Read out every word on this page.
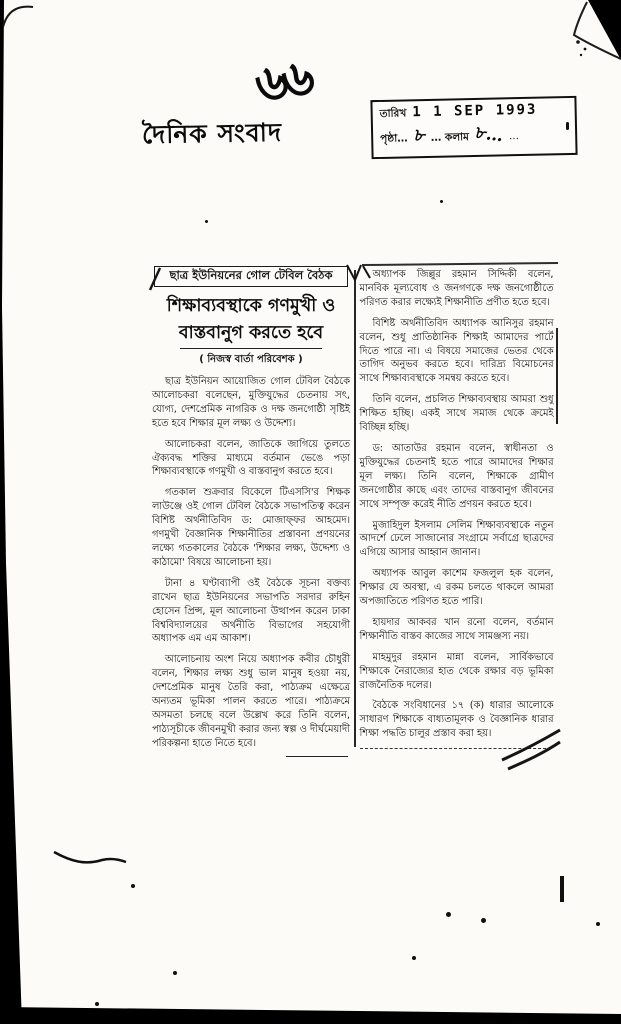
৬৬
দৈনিক সংবাদ
তারিখ 1 1 SEP 1993
পৃষ্ঠা… ৮ … কলাম ৮… …
ছাত্র ইউনিয়নের গোল টেবিল বৈঠক
শিক্ষাব্যবস্থাকে গণমুখী ও বাস্তবানুগ করতে হবে
( নিজস্ব বার্তা পরিবেশক )

ছাত্র ইউনিয়ন আয়োজিত গোল টেবিল বৈঠকে আলোচকরা বলেছেন, মুক্তিযুদ্ধের চেতনায় সৎ, যোগ্য, দেশপ্রেমিক নাগরিক ও দক্ষ জনগোষ্ঠী সৃষ্টিই হতে হবে শিক্ষার মূল লক্ষ্য ও উদ্দেশ্য।

আলোচকরা বলেন, জাতিকে জাগিয়ে তুলতে ঐক্যবদ্ধ শক্তির মাধ্যমে বর্তমান ভেঙে পড়া শিক্ষাব্যবস্থাকে গণমুখী ও বাস্তবানুগ করতে হবে।

গতকাল শুক্রবার বিকেলে টিএসসি'র শিক্ষক লাউঞ্জে ওই গোল টেবিল বৈঠকে সভাপতিত্ব করেন বিশিষ্ট অর্থনীতিবিদ ড: মোজাফ্ফর আহমেদ। গণমুখী বৈজ্ঞানিক শিক্ষানীতির প্রস্তাবনা প্রণয়নের লক্ষ্যে গতকালের বৈঠকে 'শিক্ষার লক্ষ্য, উদ্দেশ্য ও কাঠামো' বিষয়ে আলোচনা হয়।

টানা ৪ ঘণ্টাব্যাপী ওই বৈঠকে সূচনা বক্তব্য রাখেন ছাত্র ইউনিয়নের সভাপতি সরদার রুহিন হোসেন প্রিন্স, মূল আলোচনা উত্থাপন করেন ঢাকা বিশ্ববিদ্যালয়ের অর্থনীতি বিভাগের সহযোগী অধ্যাপক এম এম আকাশ।

আলোচনায় অংশ নিয়ে অধ্যাপক কবীর চৌধুরী বলেন, শিক্ষার লক্ষ্য শুধু ভাল মানুষ হওয়া নয়, দেশপ্রেমিক মানুষ তৈরি করা, পাঠ্যক্রম এক্ষেত্রে অন্যতম ভূমিকা পালন করতে পারে। পাঠ্যক্রমে অসমতা চলছে বলে উল্লেখ করে তিনি বলেন, পাঠ্যসূচীকে জীবনমুখী করার জন্য স্বল্প ও দীর্ঘমেয়াদী পরিকল্পনা হাতে নিতে হবে।

অধ্যাপক জিল্লুর রহমান সিদ্দিকী বলেন, মানবিক মূল্যবোধ ও জনগণকে দক্ষ জনগোষ্ঠীতে পরিণত করার লক্ষ্যেই শিক্ষানীতি প্রণীত হতে হবে।

বিশিষ্ট অর্থনীতিবিদ অধ্যাপক আনিসুর রহমান বলেন, শুধু প্রাতিষ্ঠানিক শিক্ষাই আমাদের পার্টে দিতে পারে না। এ বিষয়ে সমাজের ভেতর থেকে তাগিদ অনুভব করতে হবে। দারিদ্র্য বিমোচনের সাথে শিক্ষাব্যবস্থাকে সমন্বয় করতে হবে।

তিনি বলেন, প্রচলিত শিক্ষাব্যবস্থায় আমরা শুধু শিক্ষিত হচ্ছি। একই সাথে সমাজ থেকে ক্রমেই বিচ্ছিন্ন হচ্ছি।

ড: আতাউর রহমান বলেন, স্বাধীনতা ও মুক্তিযুদ্ধের চেতনাই হতে পারে আমাদের শিক্ষার মূল লক্ষ্য। তিনি বলেন, শিক্ষাকে গ্রামীণ জনগোষ্ঠীর কাছে এবং তাদের বাস্তবানুগ জীবনের সাথে সম্পৃক্ত করেই নীতি প্রণয়ন করতে হবে।

মুজাহিদুল ইসলাম সেলিম শিক্ষাব্যবস্থাকে নতুন আদর্শে ঢেলে সাজানোর সংগ্রামে সর্বাগ্রে ছাত্রদের এগিয়ে আসার আহ্বান জানান।

অধ্যাপক আবুল কাশেম ফজলুল হক বলেন, শিক্ষার যে অবস্থা, এ রকম চলতে থাকলে আমরা অপজাতিতে পরিণত হতে পারি।

হায়দার আকবর খান রনো বলেন, বর্তমান শিক্ষানীতি বাস্তব কাজের সাথে সামঞ্জস্য নয়।

মাহমুদুর রহমান মান্না বলেন, সার্বিকভাবে শিক্ষাকে নৈরাজ্যের হাত থেকে রক্ষার বড় ভূমিকা রাজনৈতিক দলের।

বৈঠকে সংবিধানের ১৭ (ক) ধারার আলোকে সাধারণ শিক্ষাকে বাধ্যতামূলক ও বৈজ্ঞানিক ধারার শিক্ষা পদ্ধতি চালুর প্রস্তাব করা হয়।
